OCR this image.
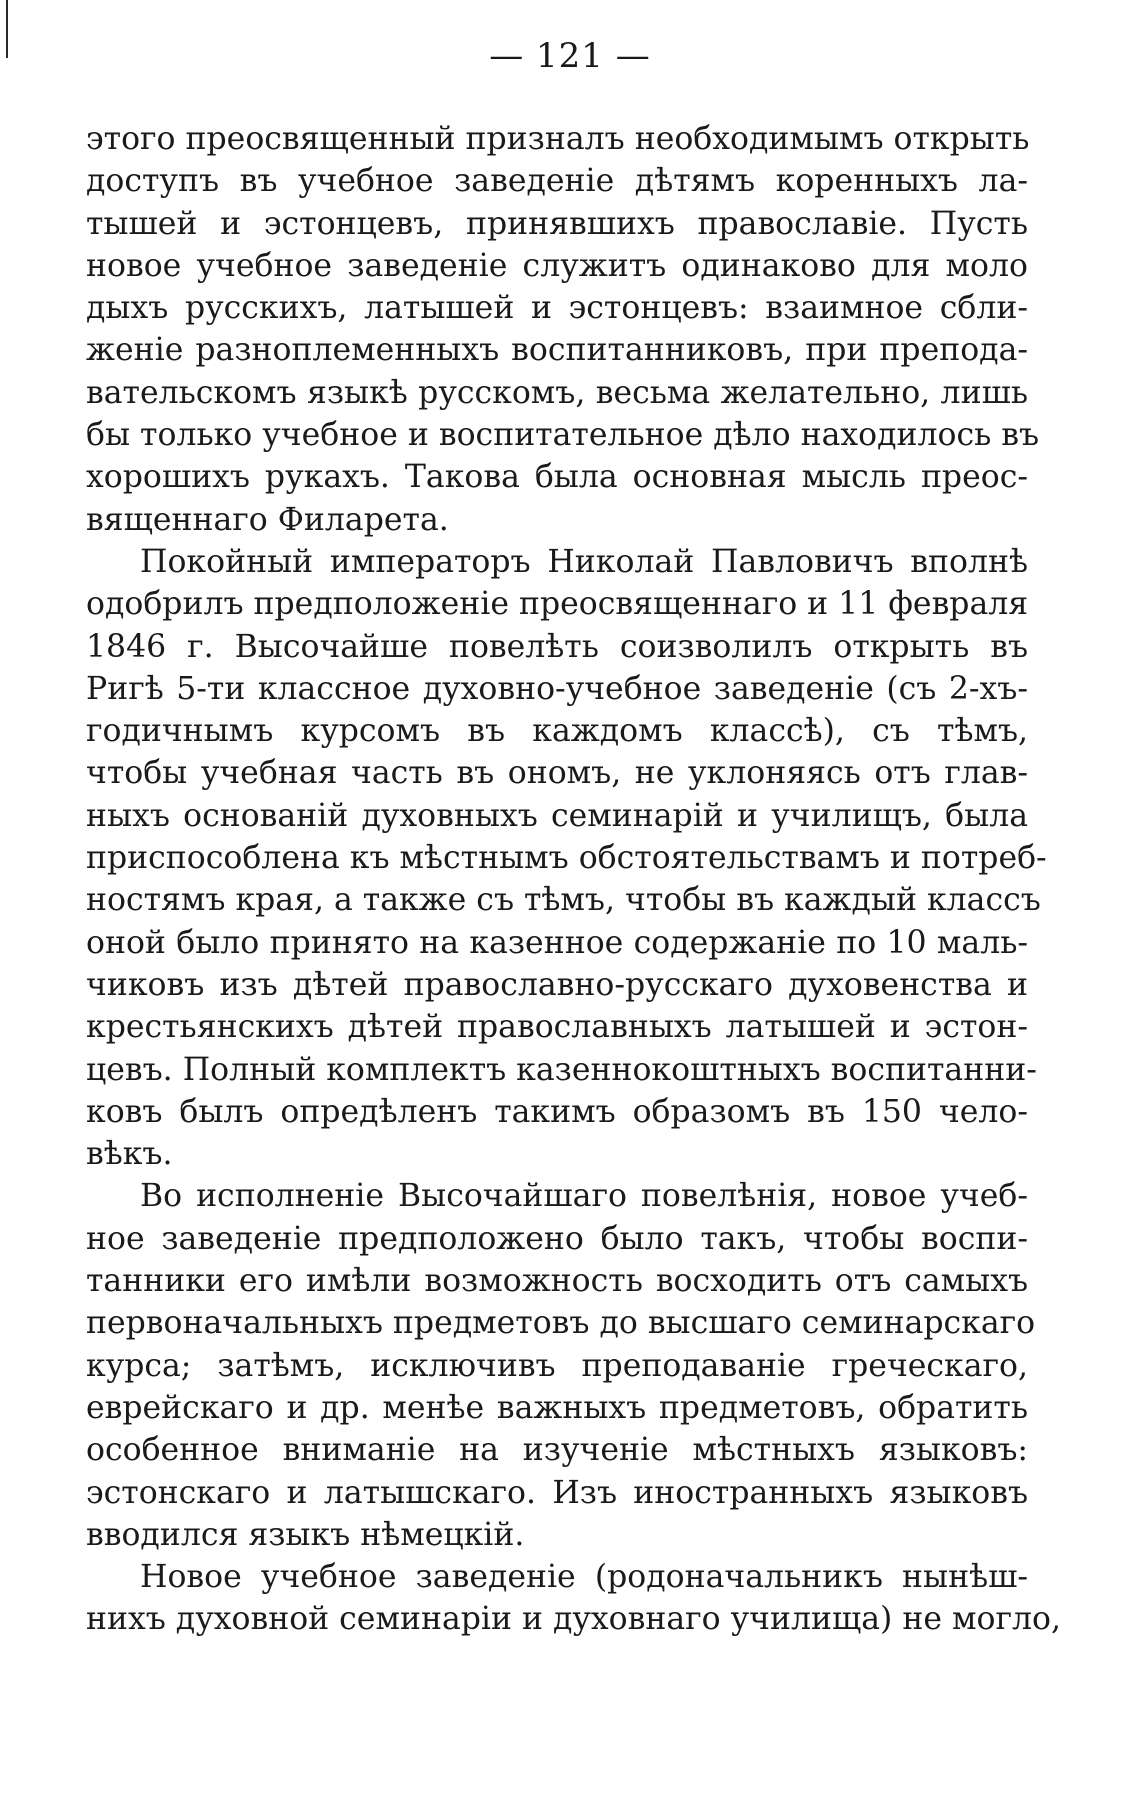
— 121 —
этого преосвященный призналъ необходимымъ открыть
доступъ въ учебное заведенiе дѣтямъ коренныхъ ла-
тышей и эстонцевъ, принявшихъ православiе. Пусть
новое учебное заведенiе служитъ одинаково для моло
дыхъ русскихъ, латышей и эстонцевъ: взаимное сбли-
женiе разноплеменныхъ воспитанниковъ, при препода-
вательскомъ языкѣ русскомъ, весьма желательно, лишь
бы только учебное и воспитательное дѣло находилось въ
хорошихъ рукахъ. Такова была основная мысль преос-
вященнаго Филарета.
Покойный императоръ Николай Павловичъ вполнѣ
одобрилъ предположенiе преосвященнаго и 11 февраля
1846 г. Высочайше повелѣть соизволилъ открыть въ
Ригѣ 5-ти классное духовно-учебное заведенiе (съ 2-хъ-
годичнымъ курсомъ въ каждомъ классѣ), съ тѣмъ,
чтобы учебная часть въ ономъ, не уклоняясь отъ глав-
ныхъ основанiй духовныхъ семинарiй и училищъ, была
приспособлена къ мѣстнымъ обстоятельствамъ и потреб-
ностямъ края, а также съ тѣмъ, чтобы въ каждый классъ
оной было принято на казенное содержанiе по 10 маль-
чиковъ изъ дѣтей православно-русскаго духовенства и
крестьянскихъ дѣтей православныхъ латышей и эстон-
цевъ. Полный комплектъ казеннокоштныхъ воспитанни-
ковъ былъ опредѣленъ такимъ образомъ въ 150 чело-
вѣкъ.
Во исполненiе Высочайшаго повелѣнiя, новое учеб-
ное заведенiе предположено было такъ, чтобы воспи-
танники его имѣли возможность восходить отъ самыхъ
первоначальныхъ предметовъ до высшаго семинарскаго
курса; затѣмъ, исключивъ преподаванiе греческаго,
еврейскаго и др. менѣе важныхъ предметовъ, обратить
особенное вниманiе на изученiе мѣстныхъ языковъ:
эстонскаго и латышскаго. Изъ иностранныхъ языковъ
вводился языкъ нѣмецкiй.
Новое учебное заведенiе (родоначальникъ нынѣш-
нихъ духовной семинарiи и духовнаго училища) не могло,
